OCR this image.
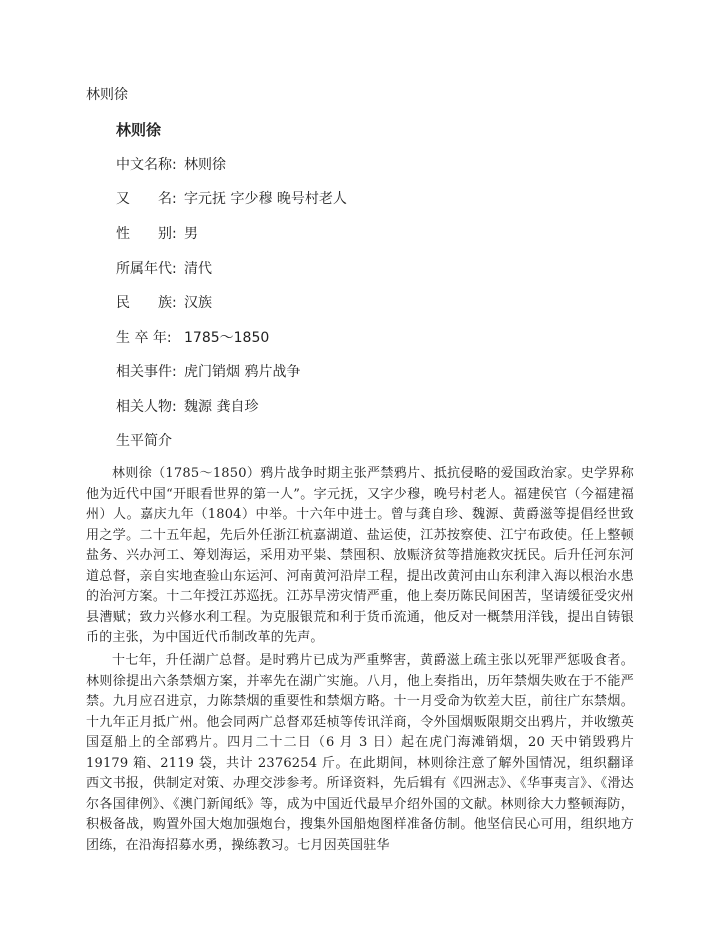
林则徐
林则徐
中文名称: 林则徐
又　　名: 字元抚 字少穆 晚号村老人
性　　别: 男
所属年代: 清代
民　　族: 汉族
生 卒 年: 1785～1850
相关事件: 虎门销烟 鸦片战争
相关人物: 魏源 龚自珍
生平简介

林则徐（1785～1850）鸦片战争时期主张严禁鸦片、抵抗侵略的爱国政治家。史学界称他为近代中国“开眼看世界的第一人”。字元抚，又字少穆，晚号村老人。福建侯官（今福建福州）人。嘉庆九年（1804）中举。十六年中进士。曾与龚自珍、魏源、黄爵滋等提倡经世致用之学。二十五年起，先后外任浙江杭嘉湖道、盐运使，江苏按察使、江宁布政使。任上整顿盐务、兴办河工、筹划海运，采用劝平粜、禁囤积、放赈济贫等措施救灾抚民。后升任河东河道总督，亲自实地查验山东运河、河南黄河沿岸工程，提出改黄河由山东利津入海以根治水患的治河方案。十二年授江苏巡抚。江苏旱涝灾情严重，他上奏历陈民间困苦，坚请缓征受灾州县漕赋；致力兴修水利工程。为克服银荒和利于货币流通，他反对一概禁用洋钱，提出自铸银币的主张，为中国近代币制改革的先声。

十七年，升任湖广总督。是时鸦片已成为严重弊害，黄爵滋上疏主张以死罪严惩吸食者。林则徐提出六条禁烟方案，并率先在湖广实施。八月，他上奏指出，历年禁烟失败在于不能严禁。九月应召进京，力陈禁烟的重要性和禁烟方略。十一月受命为钦差大臣，前往广东禁烟。十九年正月抵广州。他会同两广总督邓廷桢等传讯洋商，令外国烟贩限期交出鸦片，并收缴英国趸船上的全部鸦片。四月二十二日（6 月 3 日）起在虎门海滩销烟，20 天中销毁鸦片 19179 箱、2119 袋，共计 2376254 斤。在此期间，林则徐注意了解外国情况，组织翻译西文书报，供制定对策、办理交涉参考。所译资料，先后辑有《四洲志》、《华事夷言》、《滑达尔各国律例》、《澳门新闻纸》等，成为中国近代最早介绍外国的文献。林则徐大力整顿海防，积极备战，购置外国大炮加强炮台，搜集外国船炮图样准备仿制。他坚信民心可用，组织地方团练，在沿海招募水勇，操练教习。七月因英国驻华
